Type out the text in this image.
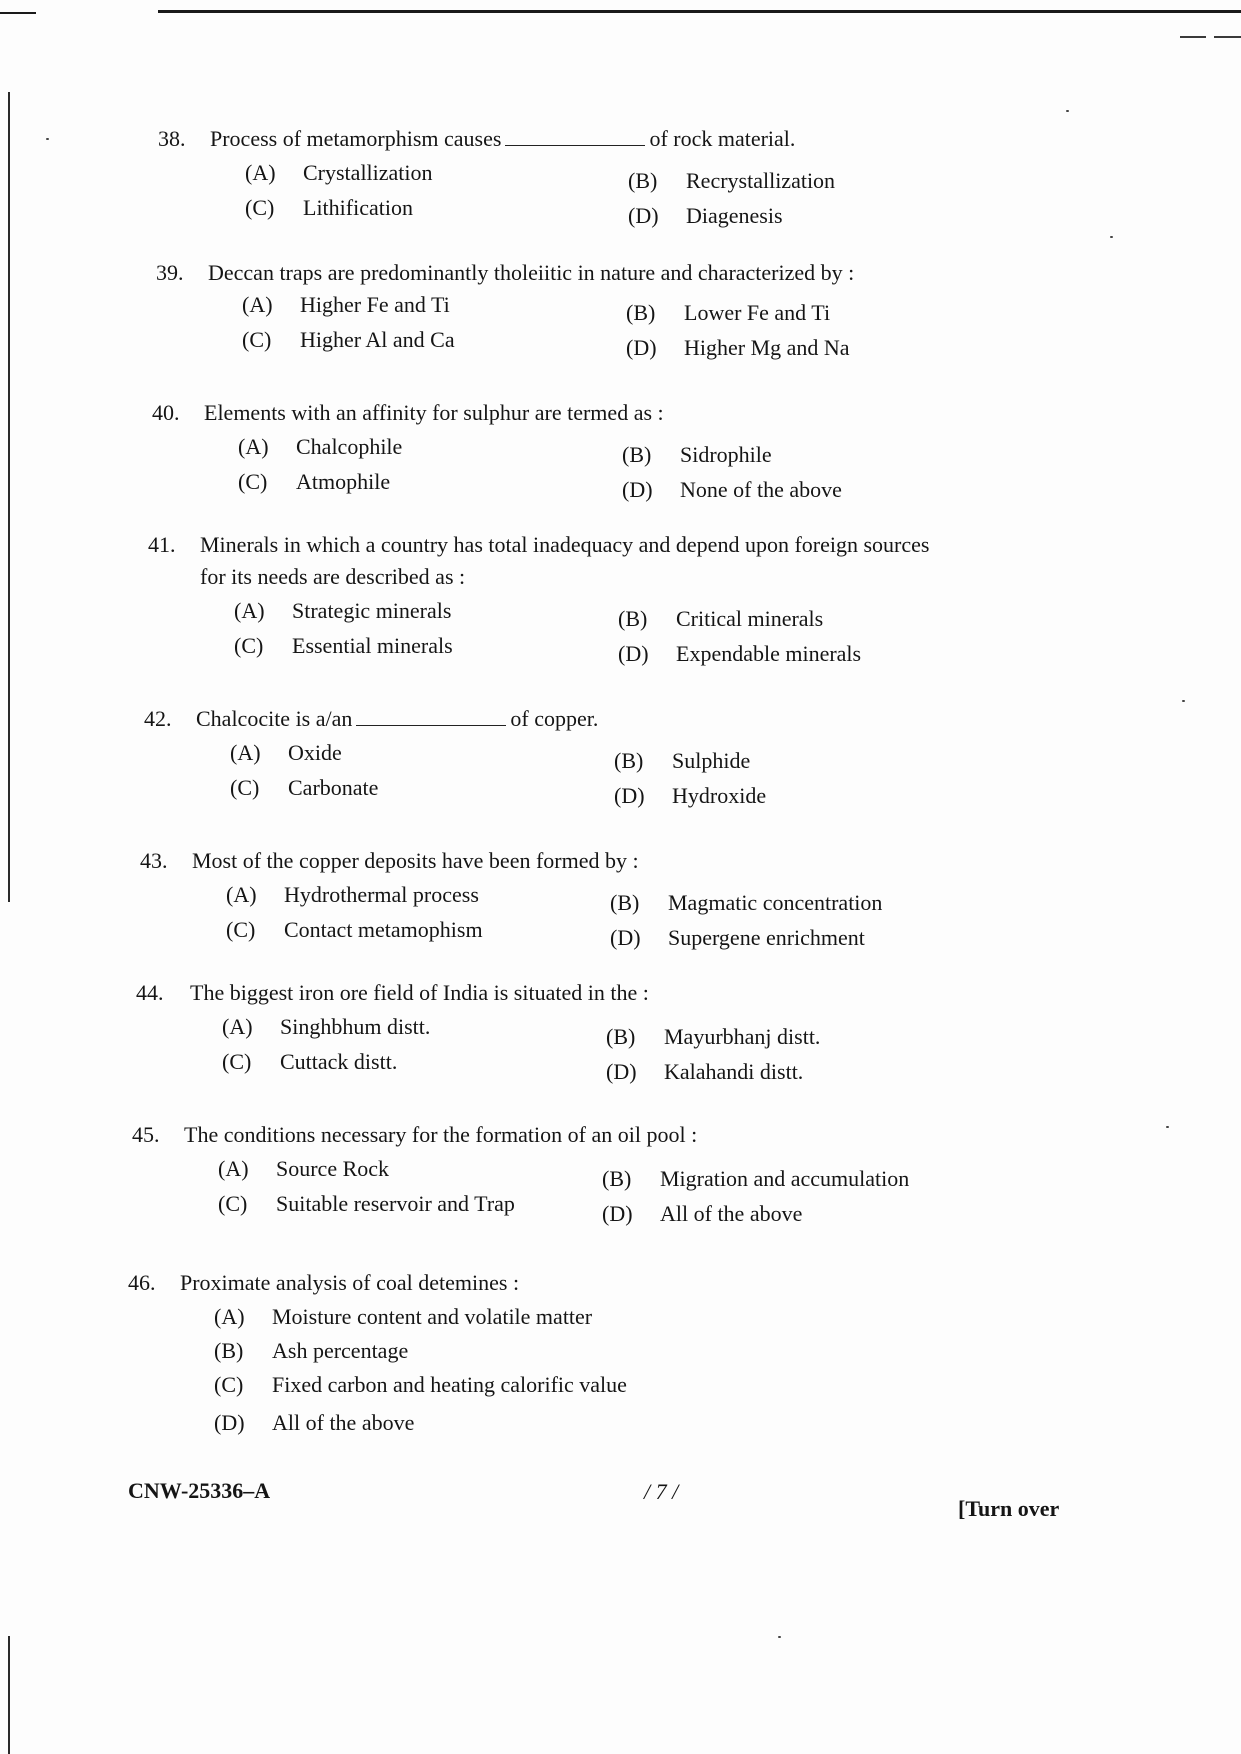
38. Process of metamorphism causes	of rock material.
(A) Crystallization	(B) Recrystallization
(C) Lithification	(D) Diagenesis
39. Deccan traps are predominantly tholeiitic in nature and characterized by :
(A) Higher Fe and Ti	(B) Lower Fe and Ti
(C) Higher Al and Ca	(D) Higher Mg and Na
40. Elements with an affinity for sulphur are termed as :
(A) Chalcophile	(B) Sidrophile
(C) Atmophile	(D) None of the above
41. Minerals in which a country has total inadequacy and depend upon foreign sources
for its needs are described as :
(A) Strategic minerals	(B) Critical minerals
(C) Essential minerals	(D) Expendable minerals
42. Chalcocite is a/an	of copper.
(A) Oxide	(B) Sulphide
(C) Carbonate	(D) Hydroxide
43. Most of the copper deposits have been formed by :
(A) Hydrothermal process	(B) Magmatic concentration
(C) Contact metamophism	(D) Supergene enrichment
44. The biggest iron ore field of India is situated in the :
(A) Singhbhum distt.	(B) Mayurbhanj distt.
(C) Cuttack distt.	(D) Kalahandi distt.
45. The conditions necessary for the formation of an oil pool :
(A) Source Rock	(B) Migration and accumulation
(C) Suitable reservoir and Trap	(D) All of the above
46. Proximate analysis of coal detemines :
(A) Moisture content and volatile matter
(B) Ash percentage
(C) Fixed carbon and heating calorific value
(D) All of the above
CNW-25336–A	/ 7 /
[Turn over
